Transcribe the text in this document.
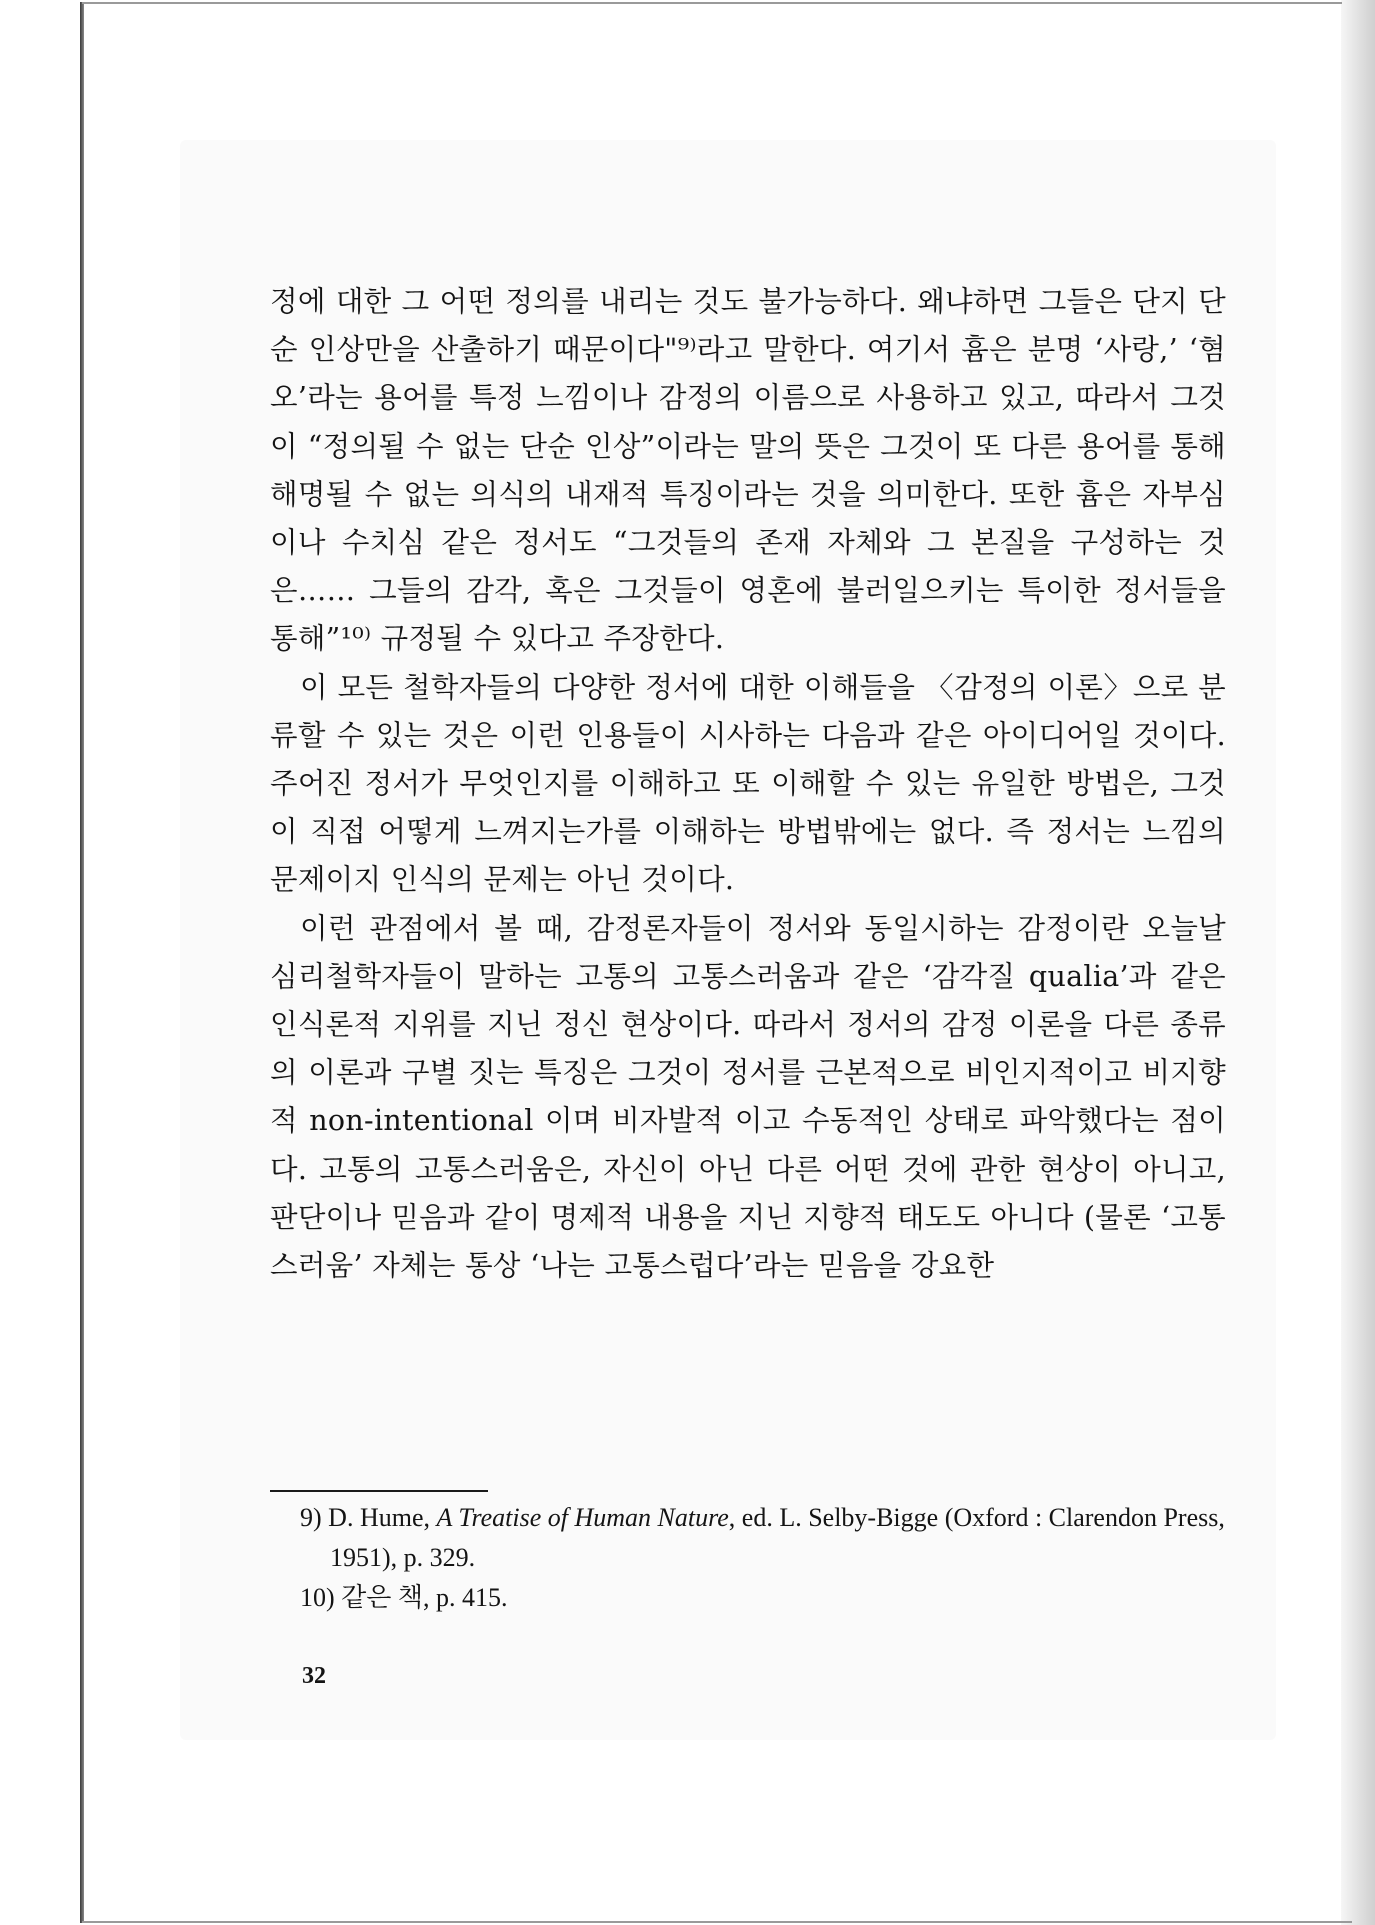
정에 대한 그 어떤 정의를 내리는 것도 불가능하다. 왜냐하면 그들은 단지 단순 인상만을 산출하기 때문이다"⁹⁾라고 말한다. 여기서 흄은 분명 ‘사랑,’ ‘혐오’라는 용어를 특정 느낌이나 감정의 이름으로 사용하고 있고, 따라서 그것이 “정의될 수 없는 단순 인상”이라는 말의 뜻은 그것이 또 다른 용어를 통해 해명될 수 없는 의식의 내재적 특징이라는 것을 의미한다. 또한 흄은 자부심이나 수치심 같은 정서도 “그것들의 존재 자체와 그 본질을 구성하는 것은…… 그들의 감각, 혹은 그것들이 영혼에 불러일으키는 특이한 정서들을 통해”¹⁰⁾ 규정될 수 있다고 주장한다.

이 모든 철학자들의 다양한 정서에 대한 이해들을 〈감정의 이론〉으로 분류할 수 있는 것은 이런 인용들이 시사하는 다음과 같은 아이디어일 것이다. 주어진 정서가 무엇인지를 이해하고 또 이해할 수 있는 유일한 방법은, 그것이 직접 어떻게 느껴지는가를 이해하는 방법밖에는 없다. 즉 정서는 느낌의 문제이지 인식의 문제는 아닌 것이다.

이런 관점에서 볼 때, 감정론자들이 정서와 동일시하는 감정이란 오늘날 심리철학자들이 말하는 고통의 고통스러움과 같은 ‘감각질 qualia’과 같은 인식론적 지위를 지닌 정신 현상이다. 따라서 정서의 감정 이론을 다른 종류의 이론과 구별 짓는 특징은 그것이 정서를 근본적으로 비인지적이고 비지향적 non-intentional 이며 비자발적 이고 수동적인 상태로 파악했다는 점이다. 고통의 고통스러움은, 자신이 아닌 다른 어떤 것에 관한 현상이 아니고, 판단이나 믿음과 같이 명제적 내용을 지닌 지향적 태도도 아니다 (물론 ‘고통스러움’ 자체는 통상 ‘나는 고통스럽다’라는 믿음을 강요한

9) D. Hume, A Treatise of Human Nature, ed. L. Selby-Bigge (Oxford : Clarendon Press, 1951), p. 329.
10) 같은 책, p. 415.
32
